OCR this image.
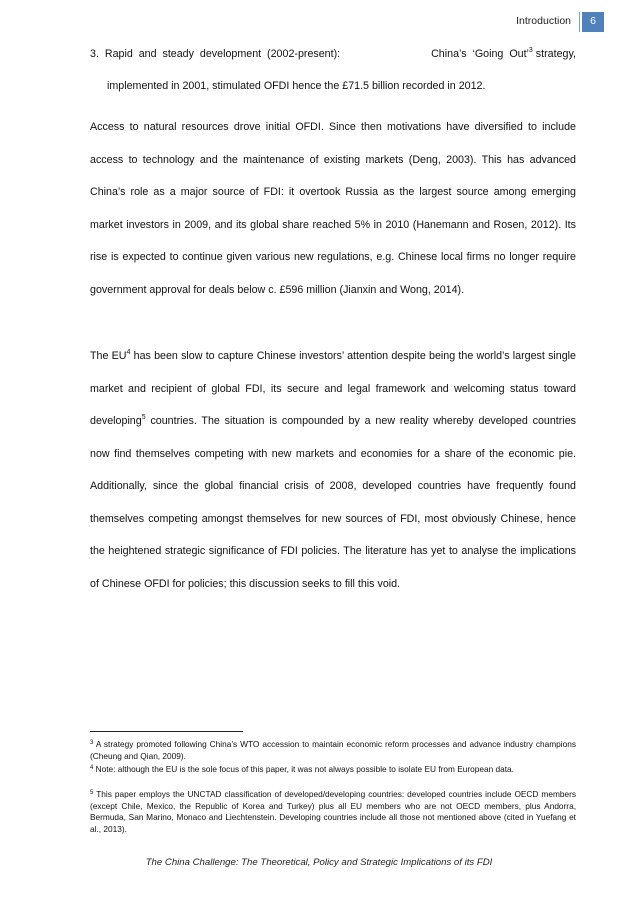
Introduction	6
3.  Rapid  and  steady  development  (2002-present):	China’s  ‘Going  Out’$^3$ strategy,
implemented in 2001, stimulated OFDI hence the £71.5 billion recorded in 2012.

Access to natural resources drove initial OFDI. Since then motivations have diversified to include access to technology and the maintenance of existing markets (Deng, 2003). This has advanced China’s role as a major source of FDI: it overtook Russia as the largest source among emerging market investors in 2009, and its global share reached 5% in 2010 (Hanemann and Rosen, 2012). Its rise is expected to continue given various new regulations, e.g. Chinese local firms no longer require government approval for deals below c. £596 million (Jianxin and Wong, 2014).

The $EU^4$ has been slow to capture Chinese investors’ attention despite being the world’s largest single market and recipient of global FDI, its secure and legal framework and welcoming status toward developing$^5$ countries. The situation is compounded by a new reality whereby developed countries now find themselves competing with new markets and economies for a share of the economic pie. Additionally, since the global financial crisis of 2008, developed countries have frequently found themselves competing amongst themselves for new sources of FDI, most obviously Chinese, hence the heightened strategic significance of FDI policies. The literature has yet to analyse the implications of Chinese OFDI for policies; this discussion seeks to fill this void.

$^3$ A strategy promoted following China’s WTO accession to maintain economic reform processes and advance industry champions (Cheung and Qian, 2009).
$^4$ Note: although the EU is the sole focus of this paper, it was not always possible to isolate EU from European data.
$^5$ This paper employs the UNCTAD classification of developed/developing countries: developed countries include OECD members (except Chile, Mexico, the Republic of Korea and Turkey) plus all EU members who are not OECD members, plus Andorra, Bermuda, San Marino, Monaco and Liechtenstein. Developing countries include all those not mentioned above (cited in Yuefang et al., 2013).
The China Challenge: The Theoretical, Policy and Strategic Implications of its FDI
